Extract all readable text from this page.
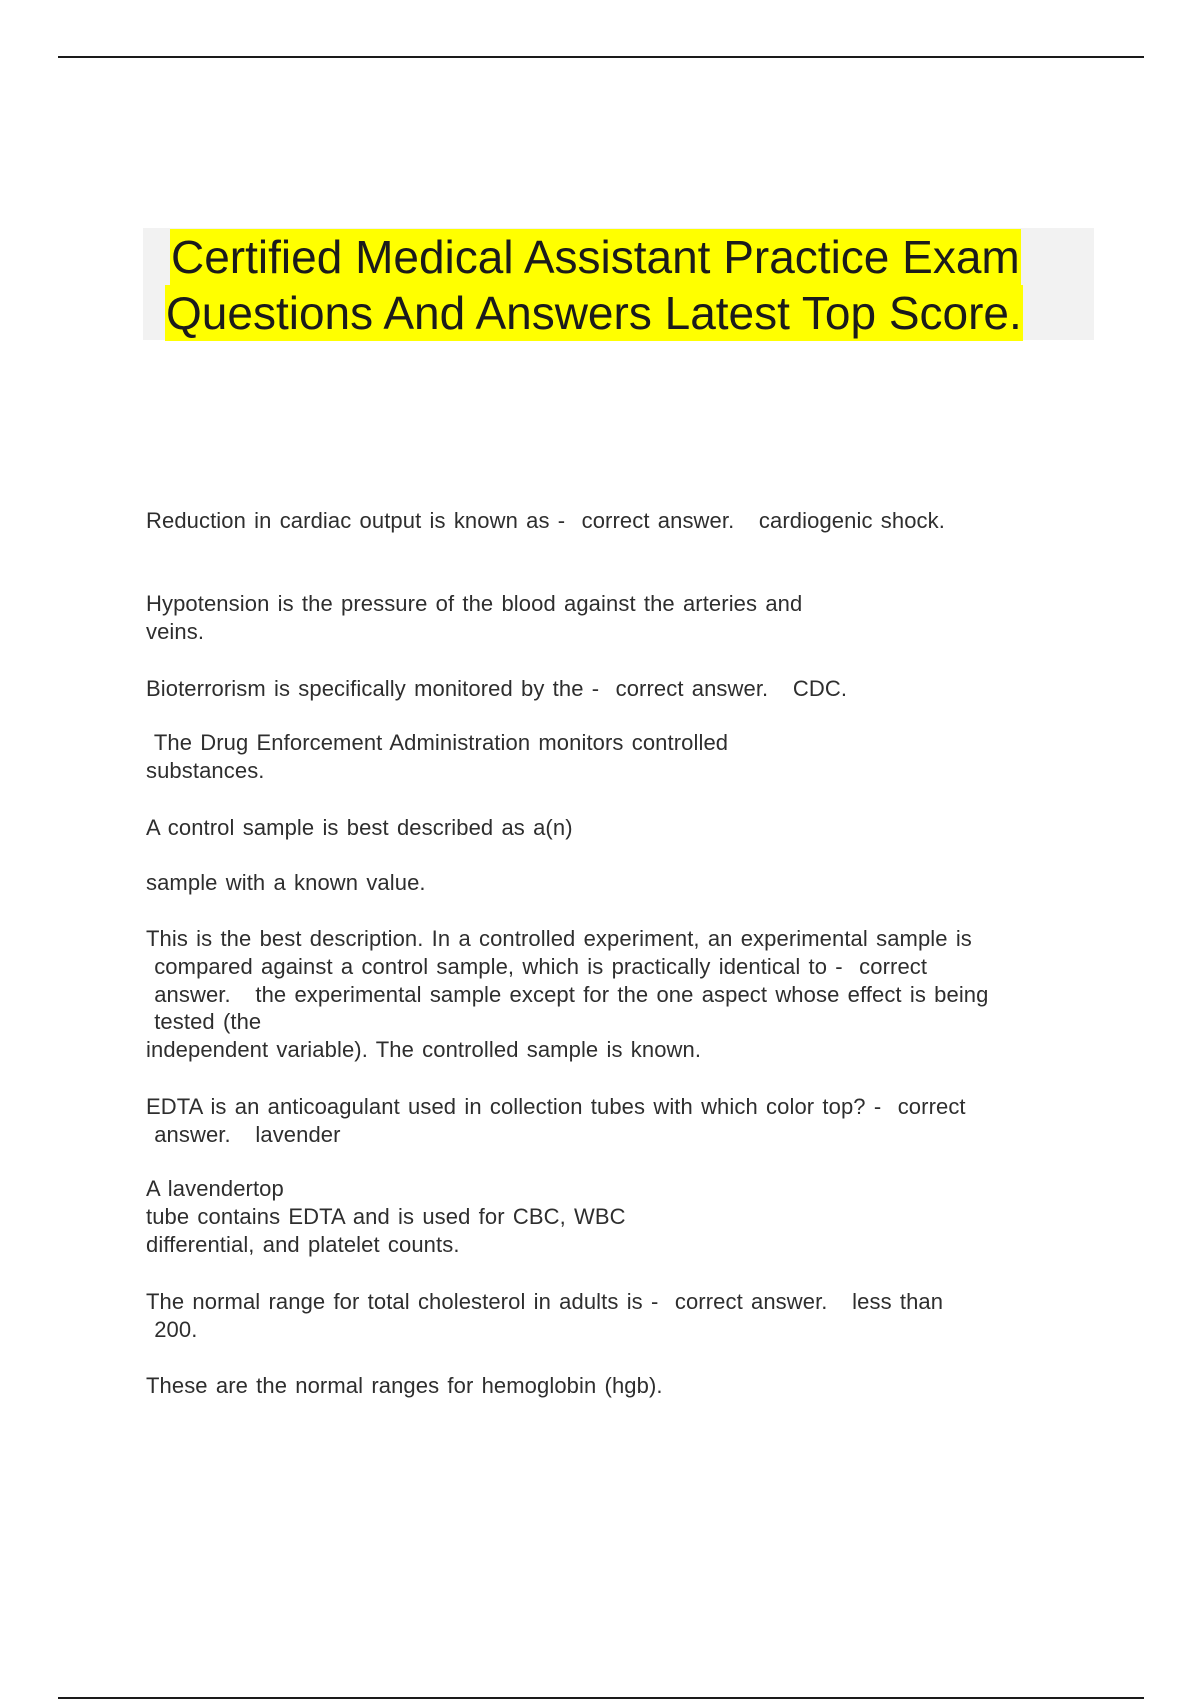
Certified Medical Assistant Practice Exam
Questions And Answers Latest Top Score.
Reduction in cardiac output is known as -  correct answer.   cardiogenic shock.
Hypotension is the pressure of the blood against the arteries and
veins.
Bioterrorism is specifically monitored by the -  correct answer.   CDC.
The Drug Enforcement Administration monitors controlled
substances.
A control sample is best described as a(n)
sample with a known value.
This is the best description. In a controlled experiment, an experimental sample is
compared against a control sample, which is practically identical to -  correct
answer.   the experimental sample except for the one aspect whose effect is being
tested (the
independent variable). The controlled sample is known.
EDTA is an anticoagulant used in collection tubes with which color top? -  correct
answer.   lavender
A lavendertop
tube contains EDTA and is used for CBC, WBC
differential, and platelet counts.
The normal range for total cholesterol in adults is -  correct answer.   less than
200.
These are the normal ranges for hemoglobin (hgb).
